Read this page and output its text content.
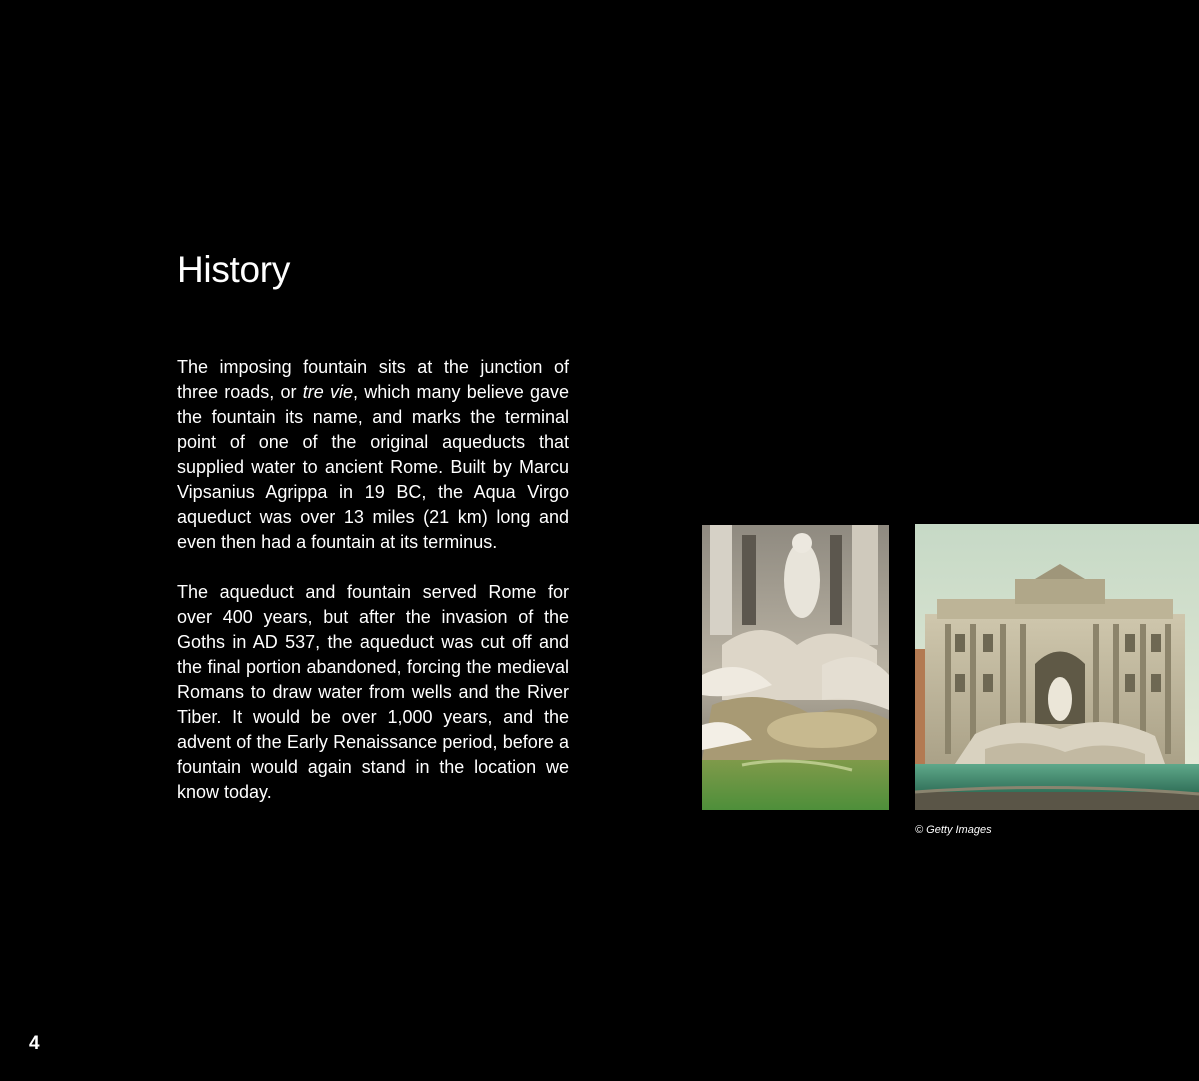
History

The imposing fountain sits at the junction of three roads, or tre vie, which many believe gave the fountain its name, and marks the terminal point of one of the original aqueducts that supplied water to ancient Rome. Built by Marcu Vipsanius Agrippa in 19 BC, the Aqua Virgo aqueduct was over 13 miles (21 km) long and even then had a fountain at its terminus.

The aqueduct and fountain served Rome for over 400 years, but after the invasion of the Goths in AD 537, the aqueduct was cut off and the final portion abandoned, forcing the medieval Romans to draw water from wells and the River Tiber. It would be over 1,000 years, and the advent of the Early Renaissance period, before a fountain would again stand in the location we know today.

© Getty Images
4
